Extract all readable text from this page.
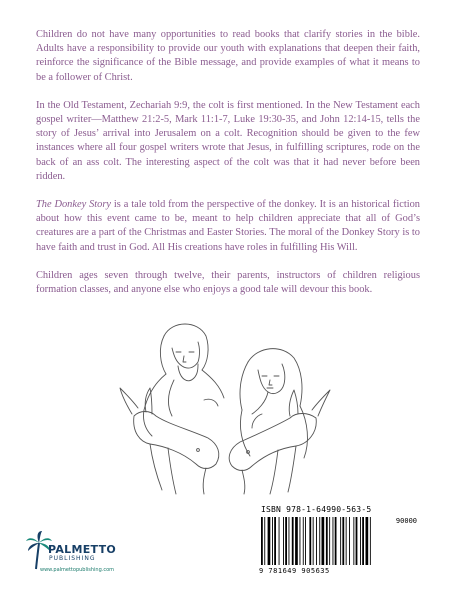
Children do not have many opportunities to read books that clarify stories in the bible. Adults have a responsibility to provide our youth with explanations that deepen their faith, reinforce the significance of the Bible message, and provide examples of what it means to be a follower of Christ.

In the Old Testament, Zechariah 9:9, the colt is first mentioned. In the New Testament each gospel writer—Matthew 21:2-5, Mark 11:1-7, Luke 19:30-35, and John 12:14-15, tells the story of Jesus’ arrival into Jerusalem on a colt. Recognition should be given to the few instances where all four gospel writers wrote that Jesus, in fulfilling scriptures, rode on the back of an ass colt. The interesting aspect of the colt was that it had never before been ridden.

The Donkey Story is a tale told from the perspective of the donkey. It is an historical fiction about how this event came to be, meant to help children appreciate that all of God’s creatures are a part of the Christmas and Easter Stories. The moral of the Donkey Story is to have faith and trust in God. All His creations have roles in fulfilling His Will.

Children ages seven through twelve, their parents, instructors of children religious formation classes, and anyone else who enjoys a good tale will devour this book.

ISBN 978-1-64990-563-5
90000
9 781649 905635
PALMETTO
PUBLISHING
www.palmettopublishing.com
